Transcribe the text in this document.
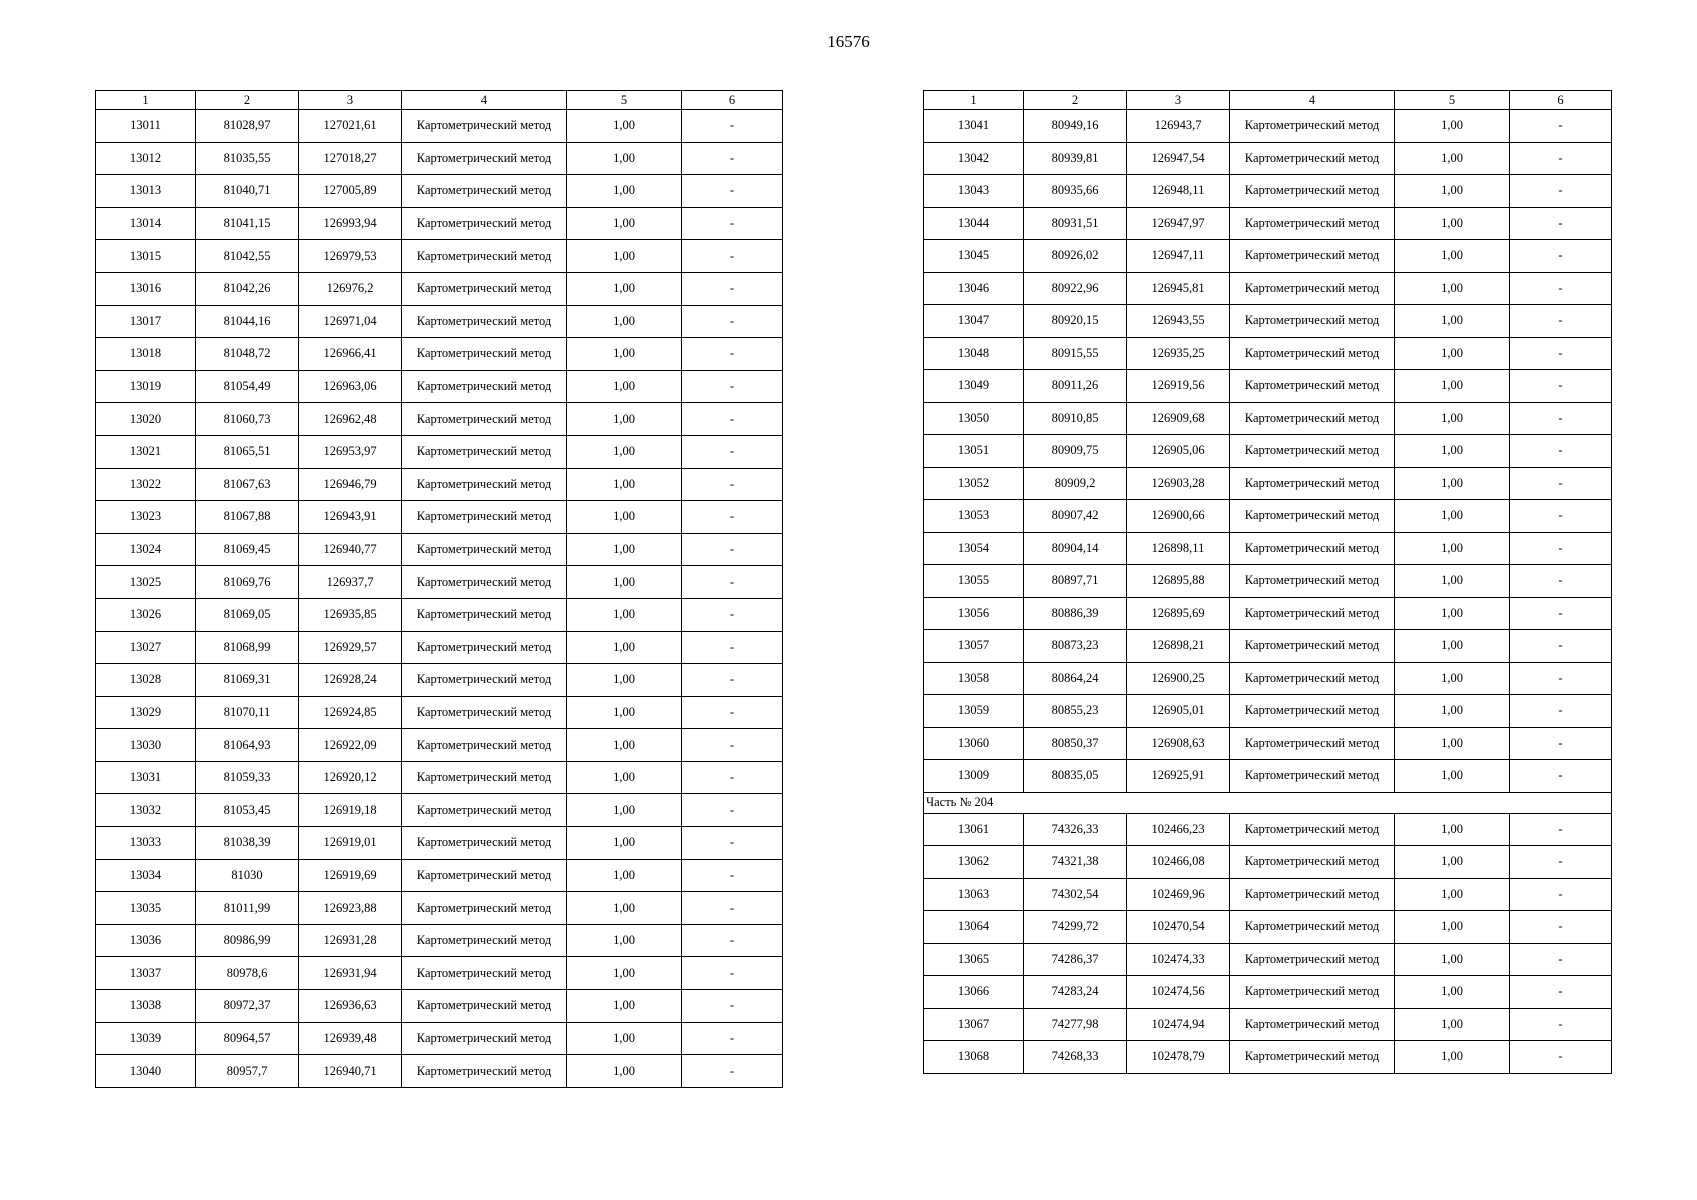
16576
1	2	3	4	5	6
13011	81028,97	127021,61	Картометрический метод	1,00	-
13012	81035,55	127018,27	Картометрический метод	1,00	-
13013	81040,71	127005,89	Картометрический метод	1,00	-
13014	81041,15	126993,94	Картометрический метод	1,00	-
13015	81042,55	126979,53	Картометрический метод	1,00	-
13016	81042,26	126976,2	Картометрический метод	1,00	-
13017	81044,16	126971,04	Картометрический метод	1,00	-
13018	81048,72	126966,41	Картометрический метод	1,00	-
13019	81054,49	126963,06	Картометрический метод	1,00	-
13020	81060,73	126962,48	Картометрический метод	1,00	-
13021	81065,51	126953,97	Картометрический метод	1,00	-
13022	81067,63	126946,79	Картометрический метод	1,00	-
13023	81067,88	126943,91	Картометрический метод	1,00	-
13024	81069,45	126940,77	Картометрический метод	1,00	-
13025	81069,76	126937,7	Картометрический метод	1,00	-
13026	81069,05	126935,85	Картометрический метод	1,00	-
13027	81068,99	126929,57	Картометрический метод	1,00	-
13028	81069,31	126928,24	Картометрический метод	1,00	-
13029	81070,11	126924,85	Картометрический метод	1,00	-
13030	81064,93	126922,09	Картометрический метод	1,00	-
13031	81059,33	126920,12	Картометрический метод	1,00	-
13032	81053,45	126919,18	Картометрический метод	1,00	-
13033	81038,39	126919,01	Картометрический метод	1,00	-
13034	81030	126919,69	Картометрический метод	1,00	-
13035	81011,99	126923,88	Картометрический метод	1,00	-
13036	80986,99	126931,28	Картометрический метод	1,00	-
13037	80978,6	126931,94	Картометрический метод	1,00	-
13038	80972,37	126936,63	Картометрический метод	1,00	-
13039	80964,57	126939,48	Картометрический метод	1,00	-
13040	80957,7	126940,71	Картометрический метод	1,00	-
1	2	3	4	5	6
13041	80949,16	126943,7	Картометрический метод	1,00	-
13042	80939,81	126947,54	Картометрический метод	1,00	-
13043	80935,66	126948,11	Картометрический метод	1,00	-
13044	80931,51	126947,97	Картометрический метод	1,00	-
13045	80926,02	126947,11	Картометрический метод	1,00	-
13046	80922,96	126945,81	Картометрический метод	1,00	-
13047	80920,15	126943,55	Картометрический метод	1,00	-
13048	80915,55	126935,25	Картометрический метод	1,00	-
13049	80911,26	126919,56	Картометрический метод	1,00	-
13050	80910,85	126909,68	Картометрический метод	1,00	-
13051	80909,75	126905,06	Картометрический метод	1,00	-
13052	80909,2	126903,28	Картометрический метод	1,00	-
13053	80907,42	126900,66	Картометрический метод	1,00	-
13054	80904,14	126898,11	Картометрический метод	1,00	-
13055	80897,71	126895,88	Картометрический метод	1,00	-
13056	80886,39	126895,69	Картометрический метод	1,00	-
13057	80873,23	126898,21	Картометрический метод	1,00	-
13058	80864,24	126900,25	Картометрический метод	1,00	-
13059	80855,23	126905,01	Картометрический метод	1,00	-
13060	80850,37	126908,63	Картометрический метод	1,00	-
13009	80835,05	126925,91	Картометрический метод	1,00	-
Часть № 204					
13061	74326,33	102466,23	Картометрический метод	1,00	-
13062	74321,38	102466,08	Картометрический метод	1,00	-
13063	74302,54	102469,96	Картометрический метод	1,00	-
13064	74299,72	102470,54	Картометрический метод	1,00	-
13065	74286,37	102474,33	Картометрический метод	1,00	-
13066	74283,24	102474,56	Картометрический метод	1,00	-
13067	74277,98	102474,94	Картометрический метод	1,00	-
13068	74268,33	102478,79	Картометрический метод	1,00	-
